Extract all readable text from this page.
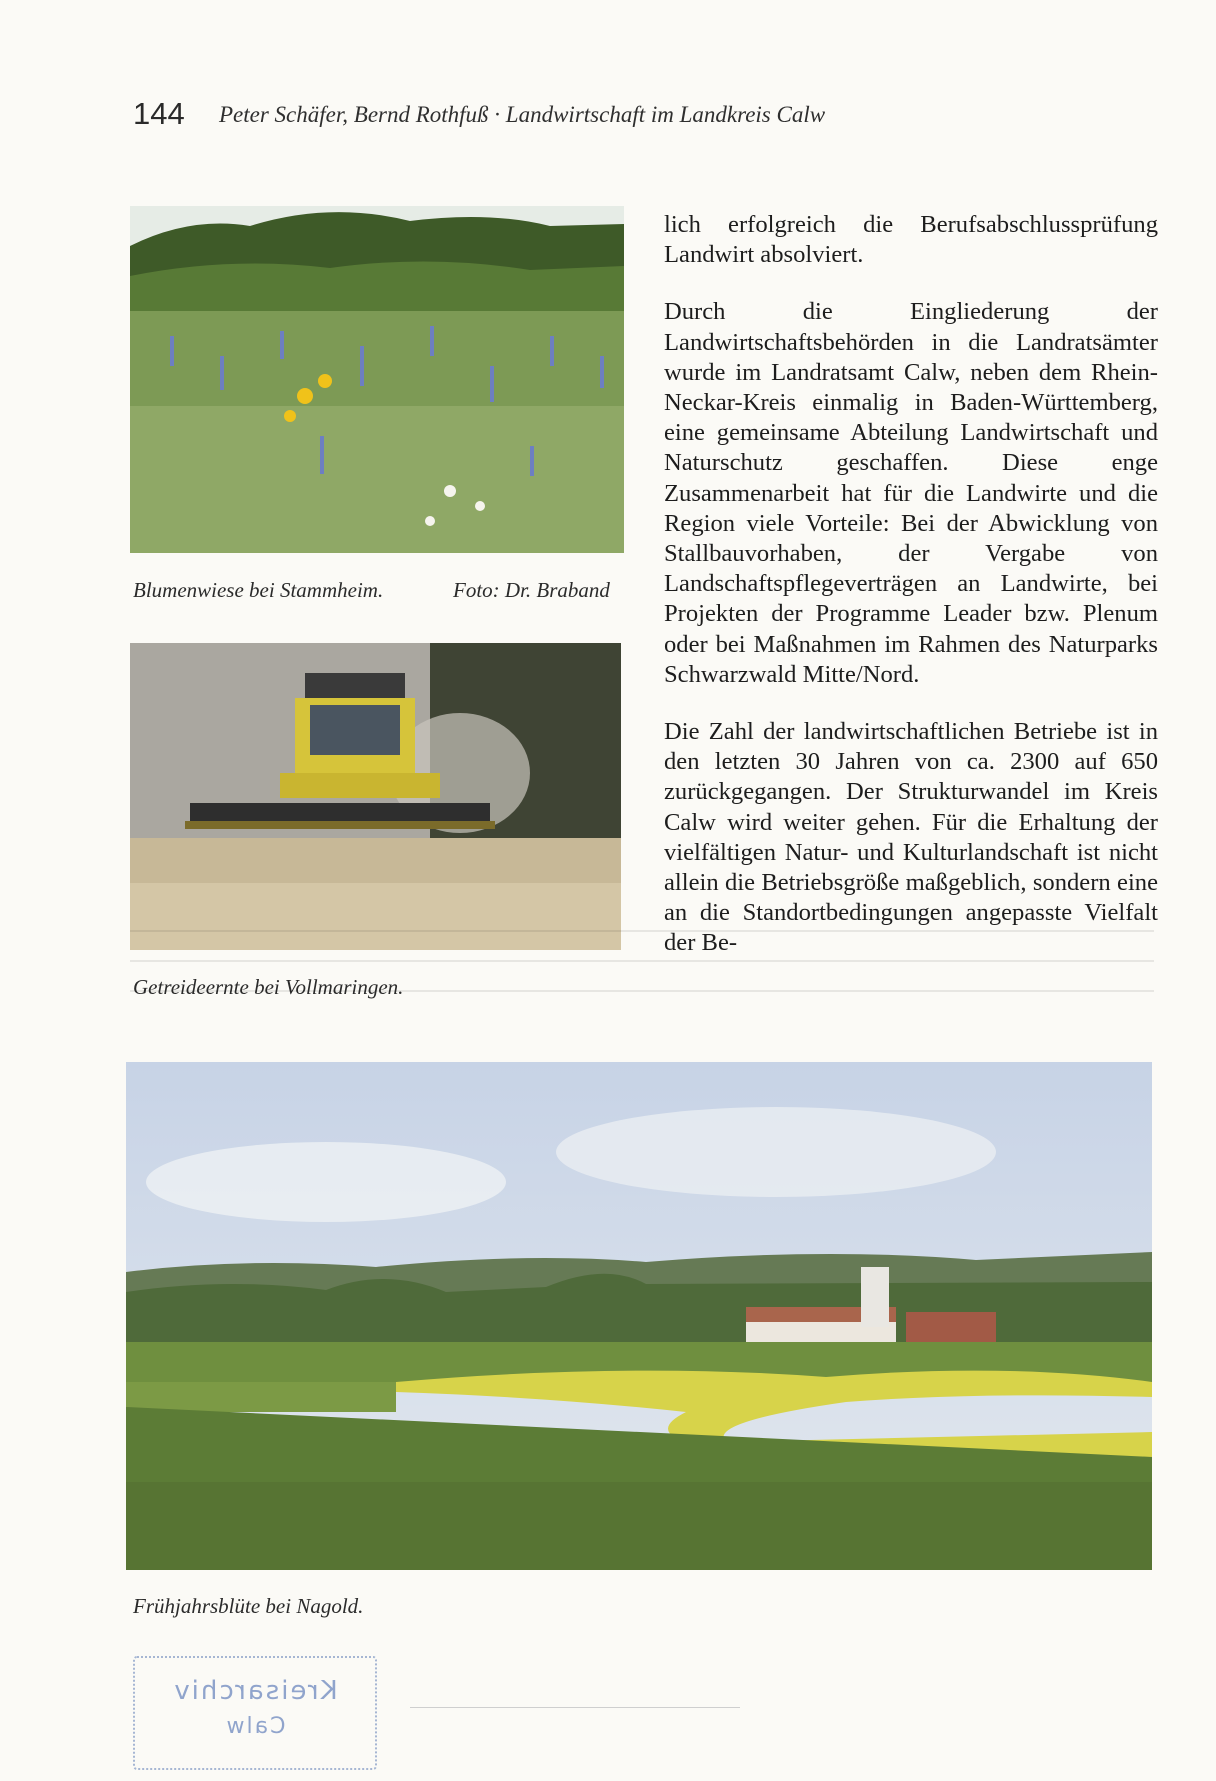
144 Peter Schäfer, Bernd Rothfuß · Landwirtschaft im Landkreis Calw
Blumenwiese bei Stammheim.	Foto: Dr. Braband
Getreideernte bei Vollmaringen.

lich erfolgreich die Berufsabschlussprüfung Landwirt absolviert.

Durch die Eingliederung der Landwirtschaftsbehörden in die Landratsämter wurde im Landratsamt Calw, neben dem Rhein-Neckar-Kreis einmalig in Baden-Württemberg, eine gemeinsame Abteilung Landwirtschaft und Naturschutz geschaffen. Diese enge Zusammenarbeit hat für die Landwirte und die Region viele Vorteile: Bei der Abwicklung von Stallbauvorhaben, der Vergabe von Landschaftspflegeverträgen an Landwirte, bei Projekten der Programme Leader bzw. Plenum oder bei Maßnahmen im Rahmen des Naturparks Schwarzwald Mitte/Nord.

Die Zahl der landwirtschaftlichen Betriebe ist in den letzten 30 Jahren von ca. 2300 auf 650 zurückgegangen. Der Strukturwandel im Kreis Calw wird weiter gehen. Für die Erhaltung der vielfältigen Natur- und Kulturlandschaft ist nicht allein die Betriebsgröße maßgeblich, sondern eine an die Standortbedingungen angepasste Vielfalt der Be-

Frühjahrsblüte bei Nagold.
Kreisarchiv
Calw
